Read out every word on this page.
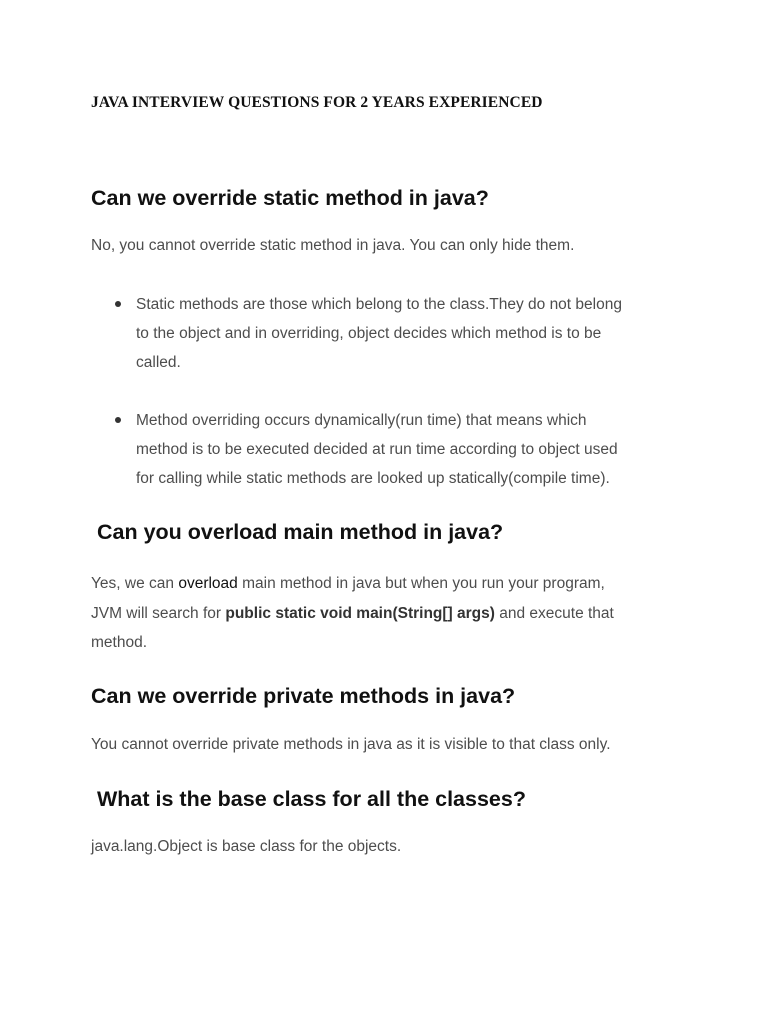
JAVA INTERVIEW QUESTIONS FOR 2 YEARS EXPERIENCED
Can we override static method in java?

No, you cannot override static method in java. You can only hide them.

Static methods are those which belong to the class.They do not belong
to the object and in overriding, object decides which method is to be
called.
Method overriding occurs dynamically(run time) that means which
method is to be executed decided at run time according to object used
for calling while static methods are looked up statically(compile time).
Can you overload main method in java?

Yes, we can overload main method in java but when you run your program,
JVM will search for public static void main(String[] args) and execute that
method.

Can we override private methods in java?

You cannot override private methods in java as it is visible to that class only.

What is the base class for all the classes?

java.lang.Object is base class for the objects.
